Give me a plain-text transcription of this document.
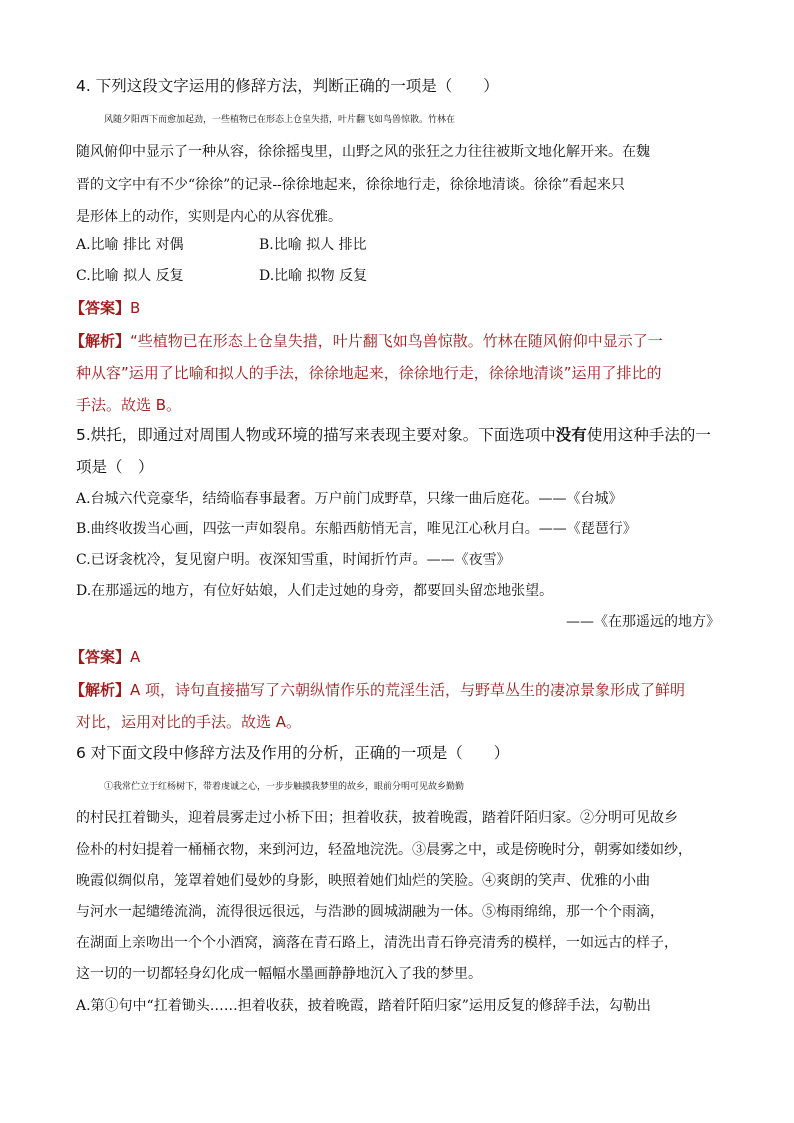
4. 下列这段文字运用的修辞方法，判断正确的一项是（　　）
风随夕阳西下而愈加起劲，一些植物已在形态上仓皇失措，叶片翻飞如鸟兽惊散。竹林在
随风俯仰中显示了一种从容，徐徐摇曳里，山野之风的张狂之力往往被斯文地化解开来。在魏
晋的文字中有不少“徐徐”的记录--徐徐地起来，徐徐地行走，徐徐地清谈。徐徐”看起来只
是形体上的动作，实则是内心的从容优雅。
A.比喻 排比 对偶	B.比喻 拟人 排比
C.比喻 拟人 反复	D.比喻 拟物 反复
【答案】B
【解析】“些植物已在形态上仓皇失措，叶片翻飞如鸟兽惊散。竹林在随风俯仰中显示了一
种从容”运用了比喻和拟人的手法，徐徐地起来，徐徐地行走，徐徐地清谈”运用了排比的
手法。故选 B。
5.烘托，即通过对周围人物或环境的描写来表现主要对象。下面选项中没有使用这种手法的一
项是（　）
A.台城六代竞豪华，结绮临春事最奢。万户前门成野草，只缘一曲后庭花。——《台城》
B.曲终收拨当心画，四弦一声如裂帛。东船西舫悄无言，唯见江心秋月白。——《琵琶行》
C.已讶衾枕冷，复见窗户明。夜深知雪重，时闻折竹声。——《夜雪》
D.在那遥远的地方，有位好姑娘，人们走过她的身旁，都要回头留恋地张望。
——《在那遥远的地方》
【答案】A
【解析】A 项，诗句直接描写了六朝纵情作乐的荒淫生活，与野草丛生的凄凉景象形成了鲜明
对比，运用对比的手法。故选 A。
6 对下面文段中修辞方法及作用的分析，正确的一项是（　　）
①我常伫立于红杨树下，带着虔诚之心，一步步触摸我梦里的故乡，眼前分明可见故乡勤勤
的村民扛着锄头，迎着晨雾走过小桥下田；担着收获，披着晚霞，踏着阡陌归家。②分明可见故乡
俭朴的村妇提着一桶桶衣物，来到河边，轻盈地浣洗。③晨雾之中，或是傍晚时分，朝雾如缕如纱，
晚霞似绸似帛，笼罩着她们曼妙的身影，映照着她们灿烂的笑脸。④爽朗的笑声、优雅的小曲
与河水一起缱绻流淌，流得很远很远，与浩渺的圆城湖融为一体。⑤梅雨绵绵，那一个个雨滴，
在湖面上亲吻出一个个小酒窝，滴落在青石路上，清洗出青石铮亮清秀的模样，一如远古的样子，
这一切的一切都轻身幻化成一幅幅水墨画静静地沉入了我的梦里。
A.第①句中“扛着锄头……担着收获，披着晚霞，踏着阡陌归家”运用反复的修辞手法，勾勒出
